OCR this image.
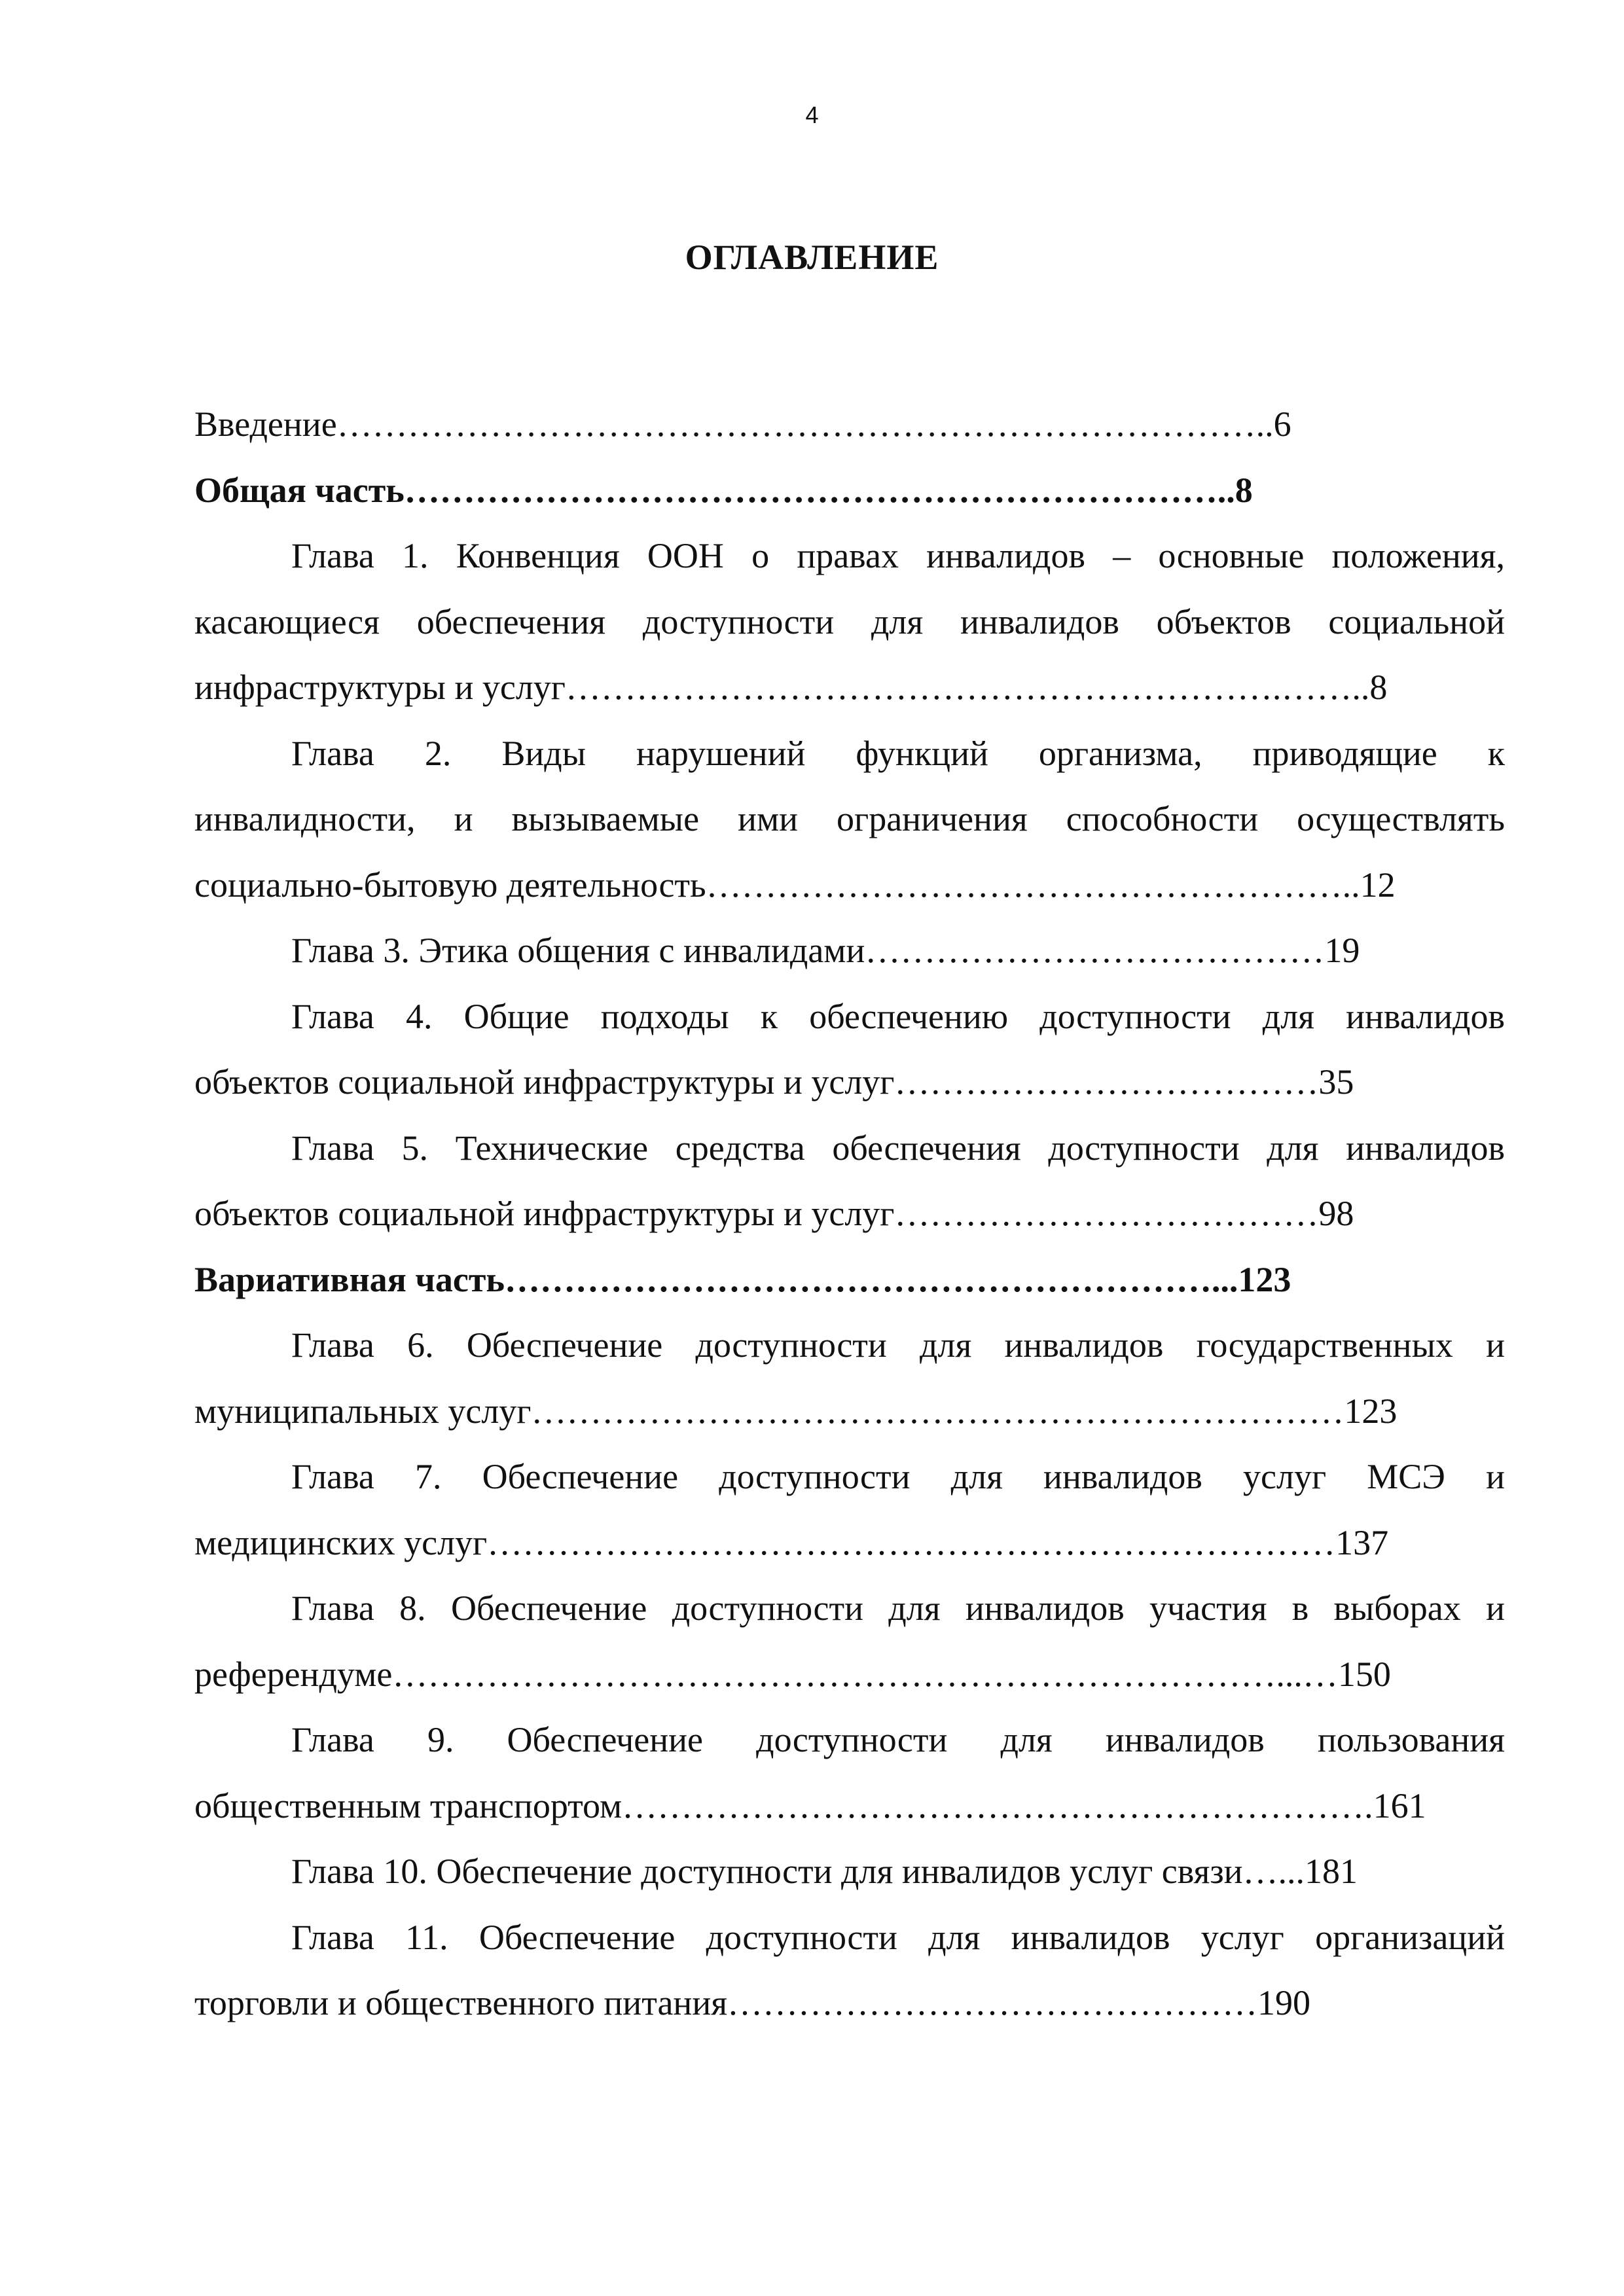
4
ОГЛАВЛЕНИЕ
Введение……………………………………………………………………..6
Общая часть……………………………………………………………..8
Глава 1. Конвенция ООН о правах инвалидов – основные положения,
касающиеся обеспечения доступности для инвалидов объектов социальной
инфраструктуры и услуг…………………………………………………….……..8
Глава 2. Виды нарушений функций организма, приводящие к
инвалидности, и вызываемые ими ограничения способности осуществлять
социально-бытовую деятельность………………………………………………..12
Глава 3. Этика общения с инвалидами…………………………………19
Глава 4. Общие подходы к обеспечению доступности для инвалидов
объектов социальной инфраструктуры и услуг………………………………35
Глава 5. Технические средства обеспечения доступности для инвалидов
объектов социальной инфраструктуры и услуг………………………………98
Вариативная часть……………………………………………………...123
Глава 6. Обеспечение доступности для инвалидов государственных и
муниципальных услуг……………………………………………………………123
Глава 7. Обеспечение доступности для инвалидов услуг МСЭ и
медицинских услуг………………………………………………………………137
Глава 8. Обеспечение доступности для инвалидов участия в выборах и
референдуме…………………………………………………………………...…150
Глава 9. Обеспечение доступности для инвалидов пользования
общественным транспортом……………………………………………………….161
Глава 10. Обеспечение доступности для инвалидов услуг связи…...181
Глава 11. Обеспечение доступности для инвалидов услуг организаций
торговли и общественного питания………………………………………190
